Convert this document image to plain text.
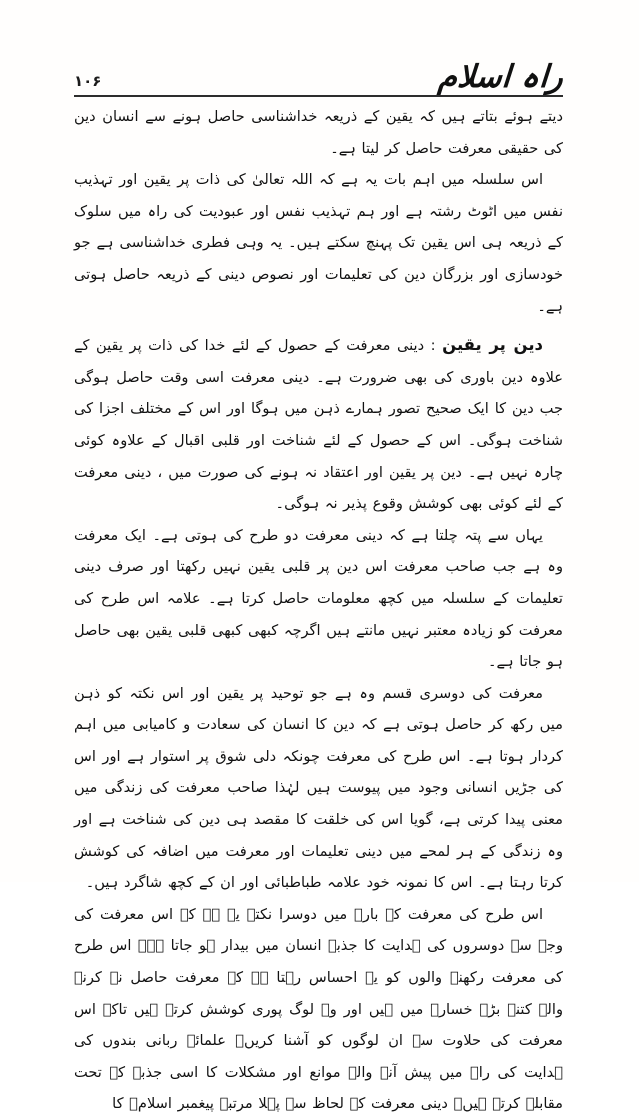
راہ اسلام
۱۰۶

دیتے ہوئے بتاتے ہیں کہ یقین کے ذریعہ خداشناسی حاصل ہونے سے انسان دین کی حقیقی معرفت حاصل کر لیتا ہے۔

اس سلسلہ میں اہم بات یہ ہے کہ اللہ تعالیٰ کی ذات پر یقین اور تہذیب نفس میں اٹوٹ رشتہ ہے اور ہم تہذیب نفس اور عبودیت کی راہ میں سلوک کے ذریعہ ہی اس یقین تک پہنچ سکتے ہیں۔ یہ وہی فطری خداشناسی ہے جو خودسازی اور بزرگان دین کی تعلیمات اور نصوص دینی کے ذریعہ حاصل ہوتی ہے۔

دین پر یقین : دینی معرفت کے حصول کے لئے خدا کی ذات پر یقین کے علاوہ دین باوری کی بھی ضرورت ہے۔ دینی معرفت اسی وقت حاصل ہوگی جب دین کا ایک صحیح تصور ہمارے ذہن میں ہوگا اور اس کے مختلف اجزا کی شناخت ہوگی۔ اس کے حصول کے لئے شناخت اور قلبی اقبال کے علاوہ کوئی چارہ نہیں ہے۔ دین پر یقین اور اعتقاد نہ ہونے کی صورت میں ، دینی معرفت کے لئے کوئی بھی کوشش وقوع پذیر نہ ہوگی۔

یہاں سے پتہ چلتا ہے کہ دینی معرفت دو طرح کی ہوتی ہے۔ ایک معرفت وہ ہے جب صاحب معرفت اس دین پر قلبی یقین نہیں رکھتا اور صرف دینی تعلیمات کے سلسلہ میں کچھ معلومات حاصل کرتا ہے۔ علامہ اس طرح کی معرفت کو زیادہ معتبر نہیں مانتے ہیں اگرچہ کبھی کبھی قلبی یقین بھی حاصل ہو جاتا ہے۔

معرفت کی دوسری قسم وہ ہے جو توحید پر یقین اور اس نکتہ کو ذہن میں رکھ کر حاصل ہوتی ہے کہ دین کا انسان کی سعادت و کامیابی میں اہم کردار ہوتا ہے۔ اس طرح کی معرفت چونکہ دلی شوق پر استوار ہے اور اس کی جڑیں انسانی وجود میں پیوست ہیں لہٰذا صاحب معرفت کی زندگی میں معنی پیدا کرتی ہے، گویا اس کی خلقت کا مقصد ہی دین کی شناخت ہے اور وہ زندگی کے ہر لمحے میں دینی تعلیمات اور معرفت میں اضافہ کی کوشش کرتا رہتا ہے۔ اس کا نمونہ خود علامہ طباطبائی اور ان کے کچھ شاگرد ہیں۔

اس طرح کی معرفت کے بارے میں دوسرا نکتہ یہ ہے کہ اس معرفت کی وجہ سے دوسروں کی ہدایت کا جذبہ انسان میں بیدار ہو جاتا ہے۔ اس طرح کی معرفت رکھنے والوں کو یہ احساس رہتا ہے کہ معرفت حاصل نہ کرنے والے کتنے بڑے خسارے میں ہیں اور وہ لوگ پوری کوشش کرتے ہیں تاکہ اس معرفت کی حلاوت سے ان لوگوں کو آشنا کریں۔ علمائے ربانی بندوں کی ہدایت کی راہ میں پیش آنے والے موانع اور مشکلات کا اسی جذبہ کے تحت مقابلہ کرتے ہیں۔ دینی معرفت کے لحاظ سے پہلا مرتبہ پیغمبر اسلامؐ کا
